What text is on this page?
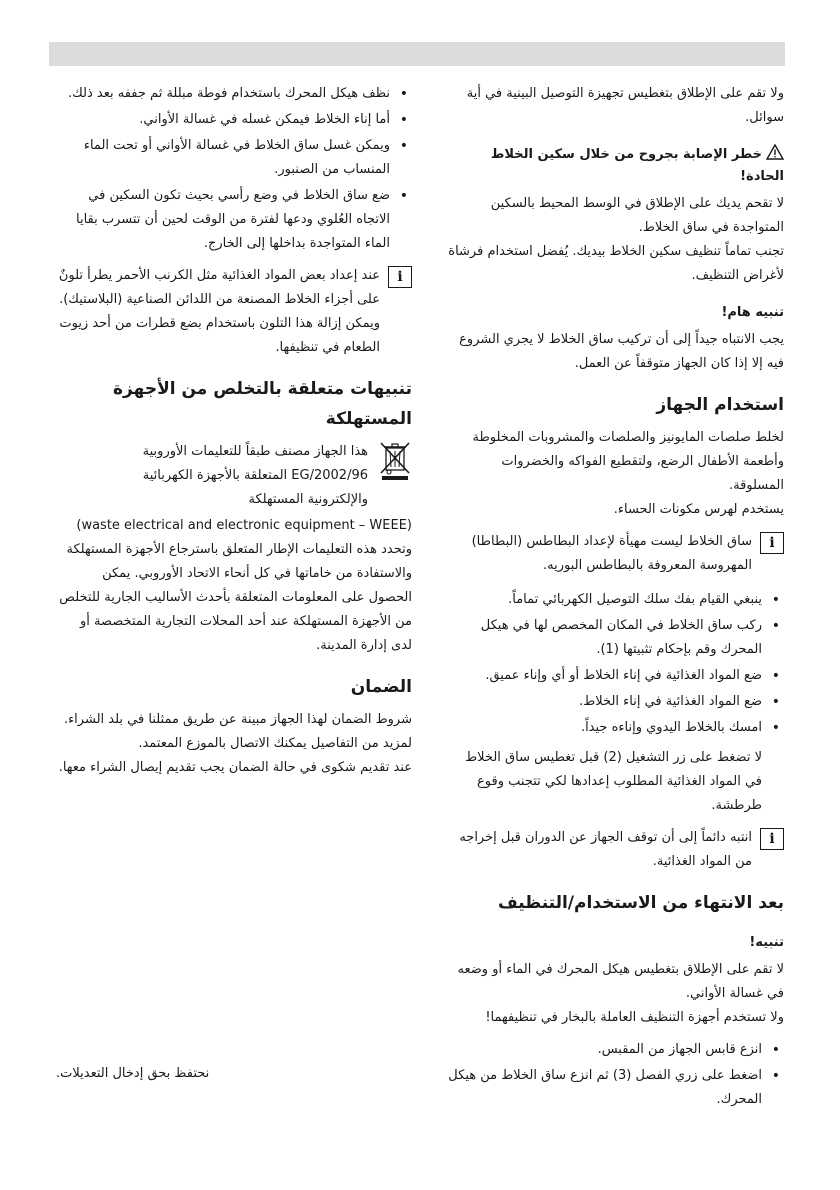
ولا تقم على الإطلاق بتغطيس تجهيزة التوصيل البينية في أية سوائل.

خطر الإصابة بجروح من خلال سكين الخلاط الحادة!

لا تقحم يديك على الإطلاق في الوسط المحيط بالسكين المتواجدة في ساق الخلاط.

تجنب تماماً تنظيف سكين الخلاط بيديك. يُفضل استخدام فرشاة لأغراض التنظيف.

تنبيه هام!

يجب الانتباه جيداً إلى أن تركيب ساق الخلاط لا يجري الشروع فيه إلا إذا كان الجهاز متوقفاً عن العمل.

استخدام الجهاز

لخلط صلصات المايونيز والصلصات والمشروبات المخلوطة وأطعمة الأطفال الرضع، ولتقطيع الفواكه والخضروات المسلوقة.

يستخدم لهرس مكونات الحساء.

i
ساق الخلاط ليست مهيأة لإعداد البطاطس (البطاطا) المهروسة المعروفة بالبطاطس البوريه.
• ينبغي القيام بفك سلك التوصيل الكهربائي تماماً.
• ركب ساق الخلاط في المكان المخصص لها في هيكل المحرك وقم بإحكام تثبيتها (1).
• ضع المواد الغذائية في إناء الخلاط أو أي وإناء عميق.
• ضع المواد الغذائية في إناء الخلاط.
• امسك بالخلاط اليدوي وإناءه جيداً.

لا تضغط على زر التشغيل (2) قبل تغطيس ساق الخلاط في المواد الغذائية المطلوب إعدادها لكي تتجنب وقوع طرطشة.

i
انتبه دائماً إلى أن توقف الجهاز عن الدوران قبل إخراجه من المواد الغذائية.
بعد الانتهاء من الاستخدام/التنظيف
تنبيه!

لا تقم على الإطلاق بتغطيس هيكل المحرك في الماء أو وضعه في غسالة الأواني.

ولا تستخدم أجهزة التنظيف العاملة بالبخار في تنظيفهما!

• انزع قابس الجهاز من المقبس.
• اضغط على زري الفصل (3) ثم انزع ساق الخلاط من هيكل المحرك.
• نظف هيكل المحرك باستخدام فوطة مبللة ثم جففه بعد ذلك.
• أما إناء الخلاط فيمكن غسله في غسالة الأواني.
• ويمكن غسل ساق الخلاط في غسالة الأواني أو تحت الماء المنساب من الصنبور.
• ضع ساق الخلاط في وضع رأسي بحيث تكون السكين في الاتجاه العُلوي ودعها لفترة من الوقت لحين أن تتسرب بقايا الماء المتواجدة بداخلها إلى الخارج.
i
عند إعداد بعض المواد الغذائية مثل الكرنب الأحمر يطرأ تلونٌ على أجزاء الخلاط المصنعة من اللدائن الصناعية (البلاستيك). ويمكن إزالة هذا التلون باستخدام بضع قطرات من أحد زيوت الطعام في تنظيفها.
تنبيهات متعلقة بالتخلص من الأجهزة المستهلكة
هذا الجهاز مصنف طبقاً للتعليمات الأوروبية
2002/96/EG المتعلقة بالأجهزة الكهربائية
والإلكترونية المستهلكة

(waste electrical and electronic equipment – WEEE)

وتحدد هذه التعليمات الإطار المتعلق باسترجاع الأجهزة المستهلكة والاستفادة من خاماتها في كل أنحاء الاتحاد الأوروبي. يمكن الحصول على المعلومات المتعلقة بأحدث الأساليب الجارية للتخلص من الأجهزة المستهلكة عند أحد المحلات التجارية المتخصصة أو لدى إدارة المدينة.

الضمان

شروط الضمان لهذا الجهاز مبينة عن طريق ممثلنا في بلد الشراء. لمزيد من التفاصيل يمكنك الاتصال بالموزع المعتمد.

عند تقديم شكوى في حالة الضمان يجب تقديم إيصال الشراء معها.

نحتفظ بحق إدخال التعديلات.
